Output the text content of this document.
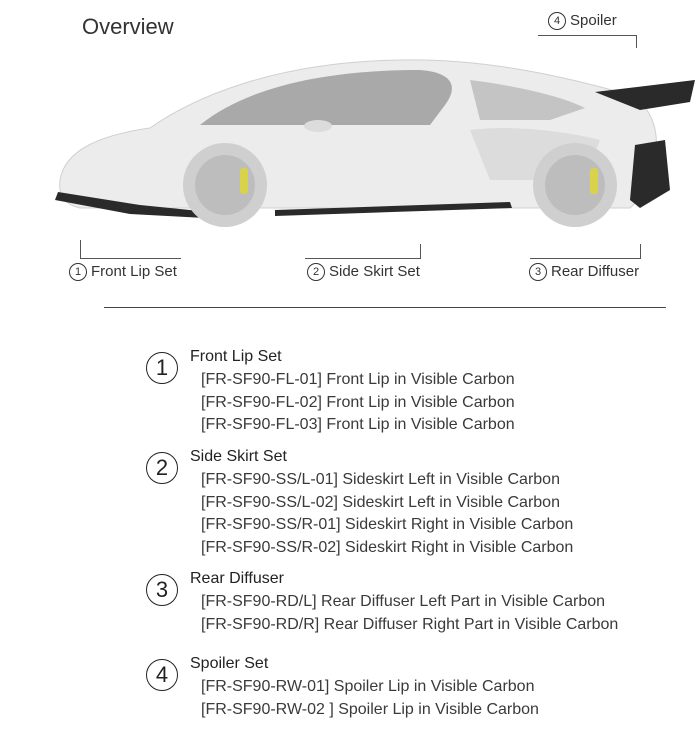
Overview	4 Spoiler
1 Front Lip Set	2 Side Skirt Set	3 Rear Diffuser
1	Front Lip Set
[FR-SF90-FL-01] Front Lip in Visible Carbon
[FR-SF90-FL-02] Front Lip in Visible Carbon
[FR-SF90-FL-03] Front Lip in Visible Carbon
2	Side Skirt Set
[FR-SF90-SS/L-01] Sideskirt Left in Visible Carbon
[FR-SF90-SS/L-02] Sideskirt Left in Visible Carbon
[FR-SF90-SS/R-01] Sideskirt Right in Visible Carbon
[FR-SF90-SS/R-02] Sideskirt Right in Visible Carbon
3	Rear Diffuser
[FR-SF90-RD/L] Rear Diffuser Left Part in Visible Carbon
[FR-SF90-RD/R] Rear Diffuser Right Part in Visible Carbon
4	Spoiler Set
[FR-SF90-RW-01] Spoiler Lip in Visible Carbon
[FR-SF90-RW-02 ] Spoiler Lip in Visible Carbon
